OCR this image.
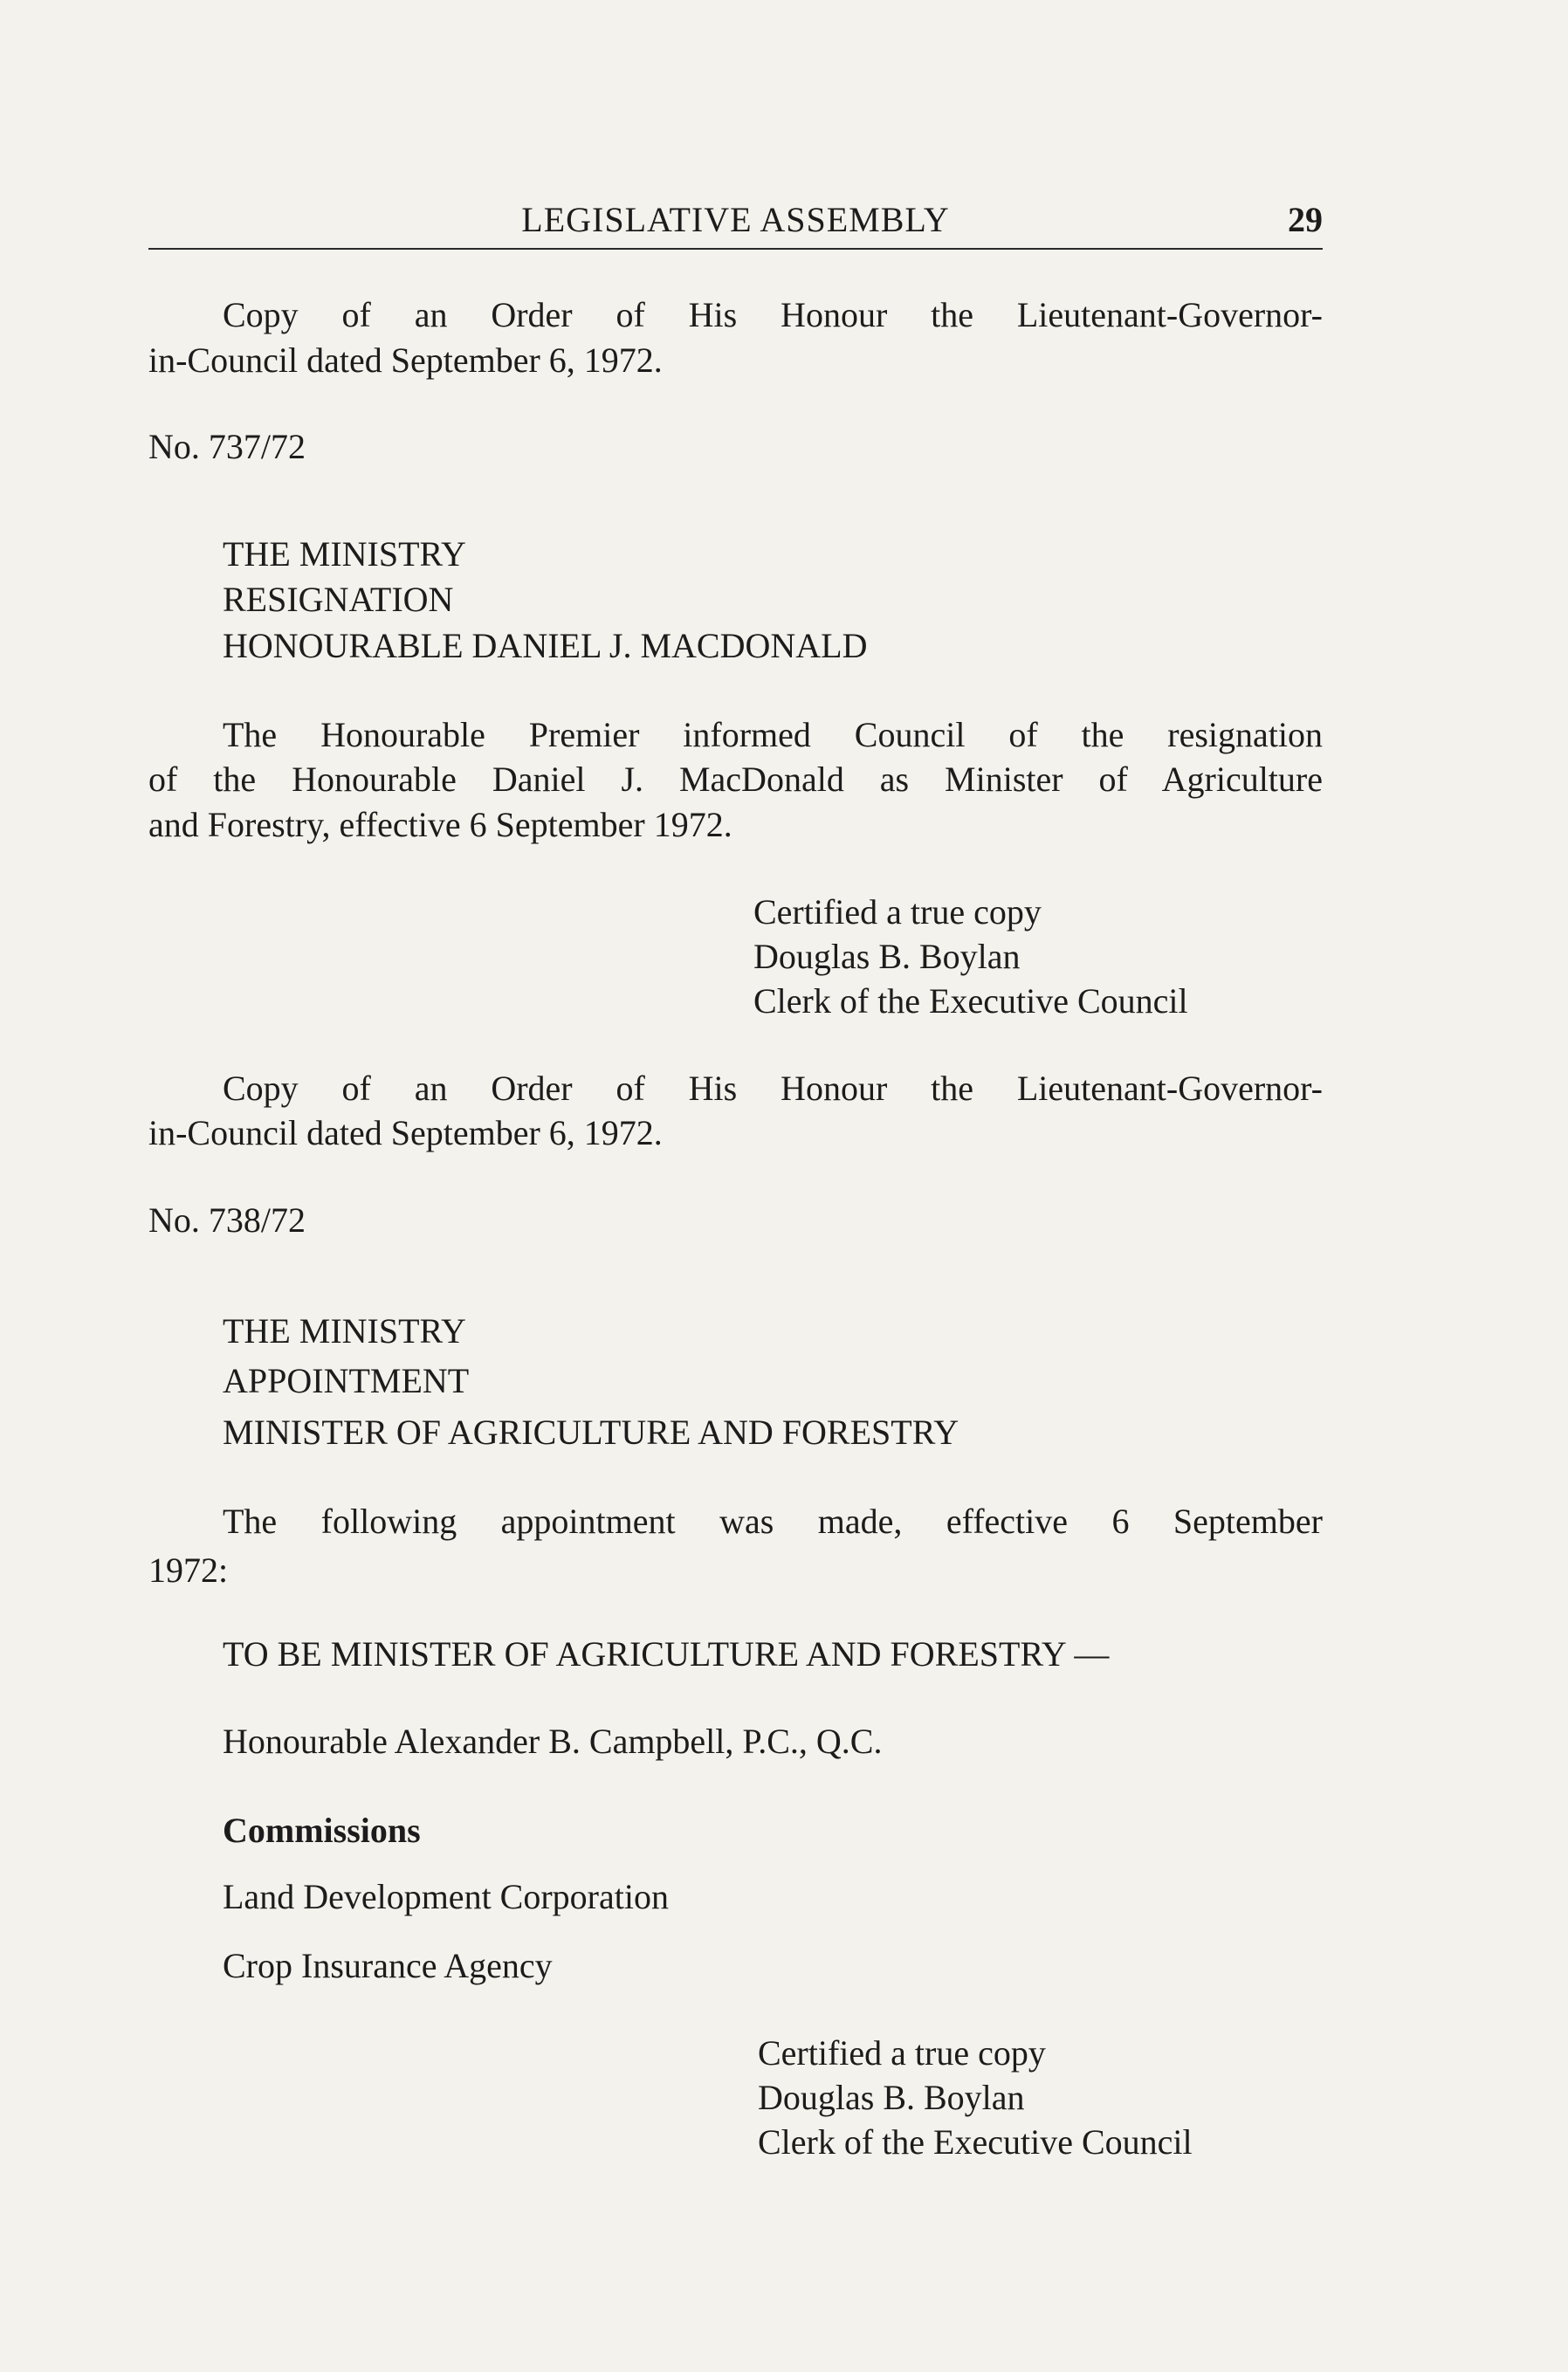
LEGISLATIVE ASSEMBLY	29
Copy of an Order of His Honour the Lieutenant-Governor-
in-Council dated September 6, 1972.
No. 737/72
THE MINISTRY
RESIGNATION
HONOURABLE DANIEL J. MACDONALD
The Honourable Premier informed Council of the resignation
of the Honourable Daniel J. MacDonald as Minister of Agriculture
and Forestry, effective 6 September 1972.
Certified a true copy
Douglas B. Boylan
Clerk of the Executive Council
Copy of an Order of His Honour the Lieutenant-Governor-
in-Council dated September 6, 1972.
No. 738/72
THE MINISTRY
APPOINTMENT
MINISTER OF AGRICULTURE AND FORESTRY
The following appointment was made, effective 6 September
1972:
TO BE MINISTER OF AGRICULTURE AND FORESTRY —
Honourable Alexander B. Campbell, P.C., Q.C.
Commissions
Land Development Corporation
Crop Insurance Agency
Certified a true copy
Douglas B. Boylan
Clerk of the Executive Council
